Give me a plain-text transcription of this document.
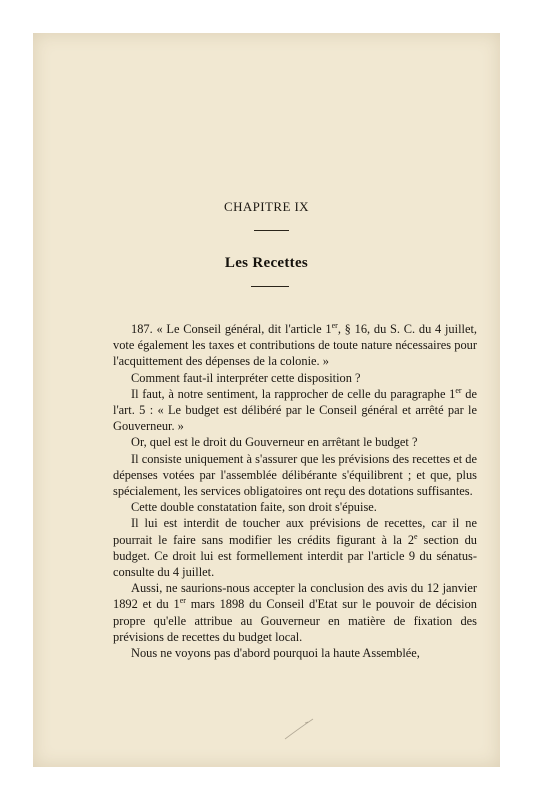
CHAPITRE IX
Les Recettes

187. « Le Conseil général, dit l'article 1er, § 16, du S. C. du 4 juillet, vote également les taxes et contributions de toute nature nécessaires pour l'acquittement des dépenses de la colonie. »

Comment faut-il interpréter cette disposition ?

Il faut, à notre sentiment, la rapprocher de celle du paragraphe 1er de l'art. 5 : « Le budget est délibéré par le Conseil général et arrêté par le Gouverneur. »

Or, quel est le droit du Gouverneur en arrêtant le budget ?

Il consiste uniquement à s'assurer que les prévisions des recettes et de dépenses votées par l'assemblée délibérante s'équilibrent ; et que, plus spécialement, les services obligatoires ont reçu des dotations suffisantes.

Cette double constatation faite, son droit s'épuise.

Il lui est interdit de toucher aux prévisions de recettes, car il ne pourrait le faire sans modifier les crédits figurant à la 2e section du budget. Ce droit lui est formellement interdit par l'article 9 du sénatus-consulte du 4 juillet.

Aussi, ne saurions-nous accepter la conclusion des avis du 12 janvier 1892 et du 1er mars 1898 du Conseil d'Etat sur le pouvoir de décision propre qu'elle attribue au Gouverneur en matière de fixation des prévisions de recettes du budget local.

Nous ne voyons pas d'abord pourquoi la haute Assemblée,
